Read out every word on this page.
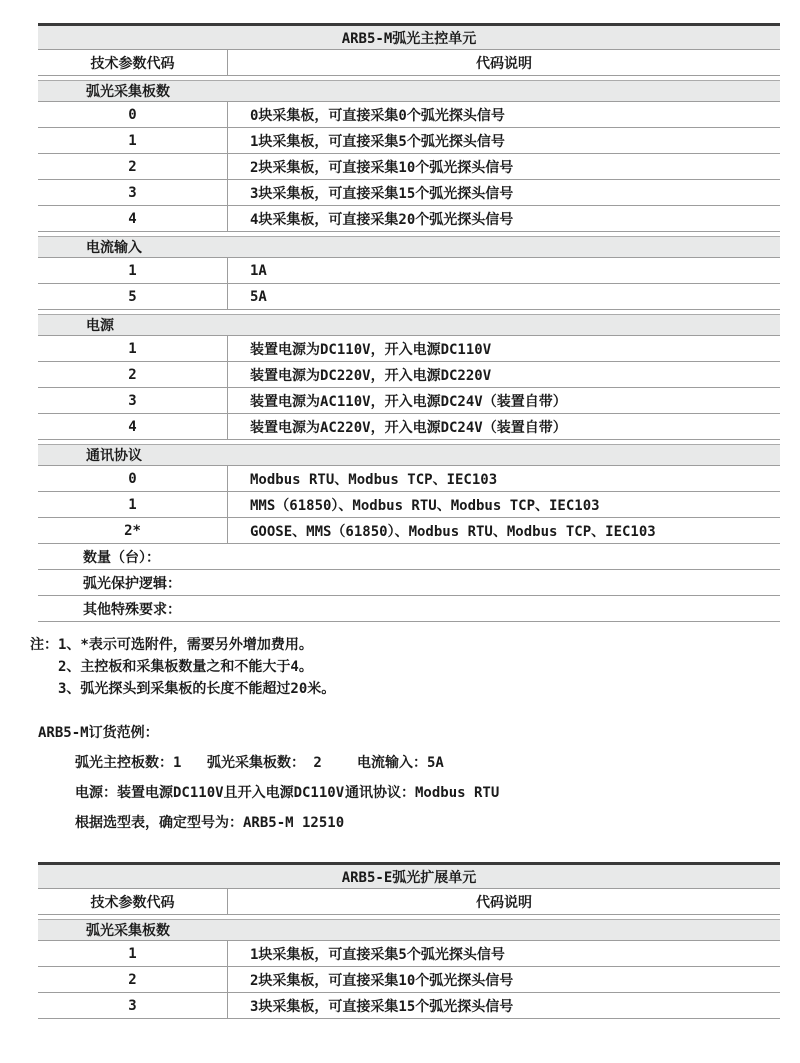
ARB5-M弧光主控单元
技术参数代码	代码说明
弧光采集板数
0	0块采集板，可直接采集0个弧光探头信号
1	1块采集板，可直接采集5个弧光探头信号
2	2块采集板，可直接采集10个弧光探头信号
3	3块采集板，可直接采集15个弧光探头信号
4	4块采集板，可直接采集20个弧光探头信号
电流输入
1	1A
5	5A
电源
1	装置电源为DC110V，开入电源DC110V
2	装置电源为DC220V，开入电源DC220V
3	装置电源为AC110V，开入电源DC24V（装置自带）
4	装置电源为AC220V，开入电源DC24V（装置自带）
通讯协议
0	Modbus RTU、Modbus TCP、IEC103
1	MMS（61850）、Modbus RTU、Modbus TCP、IEC103
2*	GOOSE、MMS（61850）、Modbus RTU、Modbus TCP、IEC103
数量（台）：
弧光保护逻辑：
其他特殊要求：
注：1、*表示可选附件，需要另外增加费用。
2、主控板和采集板数量之和不能大于4。
3、弧光探头到采集板的长度不能超过20米。
ARB5-M订货范例：
弧光主控板数：1 弧光采集板数： 2	电流输入：5A
电源：装置电源DC110V且开入电源DC110V 通讯协议：Modbus RTU
根据选型表，确定型号为：ARB5-M 12510
ARB5-E弧光扩展单元
技术参数代码	代码说明
弧光采集板数
1	1块采集板，可直接采集5个弧光探头信号
2	2块采集板，可直接采集10个弧光探头信号
3	3块采集板，可直接采集15个弧光探头信号
